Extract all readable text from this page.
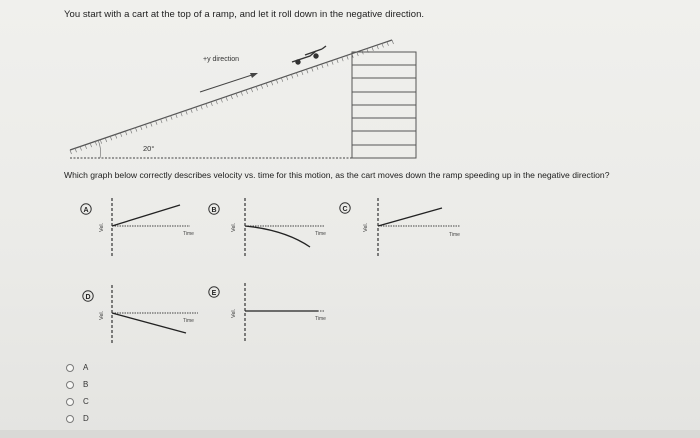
You start with a cart at the top of a ramp, and let it roll down in the negative direction.
+y direction
20°
A
Vel.
Time
B
Vel.
Time
C
Vel.
Time
D
Vel.
Time
E
Vel.
Time
Which graph below correctly describes velocity vs. time for this motion, as the cart moves down the ramp speeding up in the negative direction?
A
B
C
D
